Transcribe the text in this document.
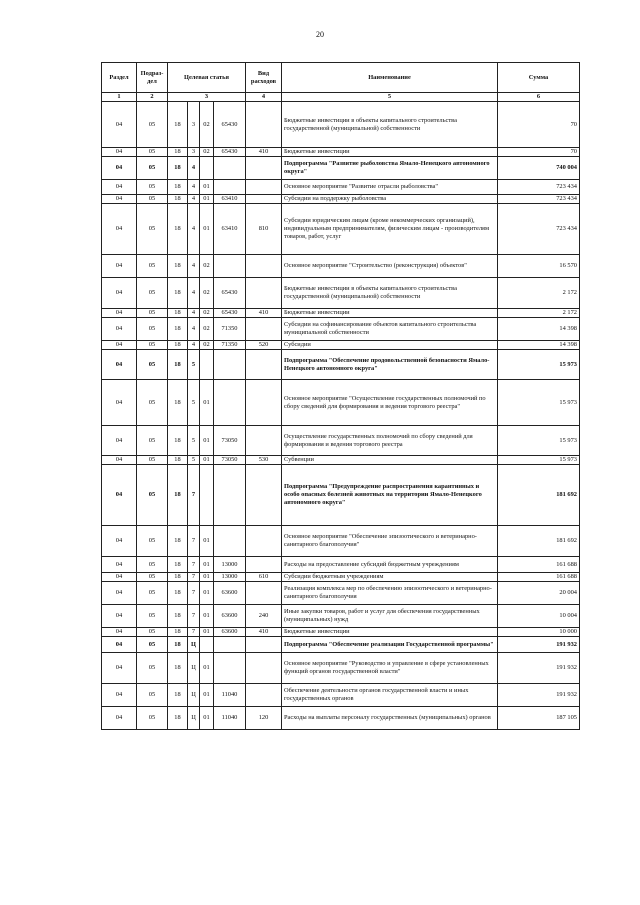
20
Раздел	Подраз-дел	Целевая статья				Вид расходов	Наименование	Сумма
1	2	3				4	5	6
04	05	18	3	02	65430		Бюджетные инвестиции в объекты капитального строительства государственной (муниципальной) собственности	70
04	05	18	3	02	65430	410	Бюджетные инвестиции	70
04	05	18	4				Подпрограмма "Развитие рыболовства Ямало-Ненецкого автономного округа"	740 004
04	05	18	4	01			Основное мероприятие "Развитие отрасли рыболовства"	723 434
04	05	18	4	01	63410		Субсидии на поддержку рыболовства	723 434
04	05	18	4	01	63410	810	Субсидии юридическим лицам (кроме некоммерческих организаций), индивидуальным предпринимателям, физическим лицам - производителям товаров, работ, услуг	723 434
04	05	18	4	02			Основное мероприятие "Строительство (реконструкция) объектов"	16 570
04	05	18	4	02	65430		Бюджетные инвестиции в объекты капитального строительства государственной (муниципальной) собственности	2 172
04	05	18	4	02	65430	410	Бюджетные инвестиции	2 172
04	05	18	4	02	71350		Субсидии на софинансирование объектов капитального строительства муниципальной собственности	14 398
04	05	18	4	02	71350	520	Субсидии	14 398
04	05	18	5				Подпрограмма "Обеспечение продовольственной безопасности Ямало-Ненецкого автономного округа"	15 973
04	05	18	5	01			Основное мероприятие "Осуществление государственных полномочий по сбору сведений для формирования и ведения торгового реестра"	15 973
04	05	18	5	01	73050		Осуществление государственных полномочий по сбору сведений для формирования и ведения торгового реестра	15 973
04	05	18	5	01	73050	530	Субвенции	15 973
04	05	18	7				Подпрограмма "Предупреждение распространения карантинных и особо опасных болезней животных на территории Ямало-Ненецкого автономного округа"	181 692
04	05	18	7	01			Основное мероприятие "Обеспечение эпизоотического и ветеринарно-санитарного благополучия"	181 692
04	05	18	7	01	13000		Расходы на предоставление субсидий бюджетным учреждениям	161 688
04	05	18	7	01	13000	610	Субсидии бюджетным учреждениям	161 688
04	05	18	7	01	63600		Реализация комплекса мер по обеспечению эпизоотического и ветеринарно-санитарного благополучия	20 004
04	05	18	7	01	63600	240	Иные закупки товаров, работ и услуг для обеспечения государственных (муниципальных) нужд	10 004
04	05	18	7	01	63600	410	Бюджетные инвестиции	10 000
04	05	18	Ц				Подпрограмма "Обеспечение реализации Государственной программы"	191 932
04	05	18	Ц	01			Основное мероприятие "Руководство и управление в сфере установленных функций органов государственной власти"	191 932
04	05	18	Ц	01	11040		Обеспечение деятельности органов государственной власти и иных государственных органов	191 932
04	05	18	Ц	01	11040	120	Расходы на выплаты персоналу государственных (муниципальных) органов	187 105
